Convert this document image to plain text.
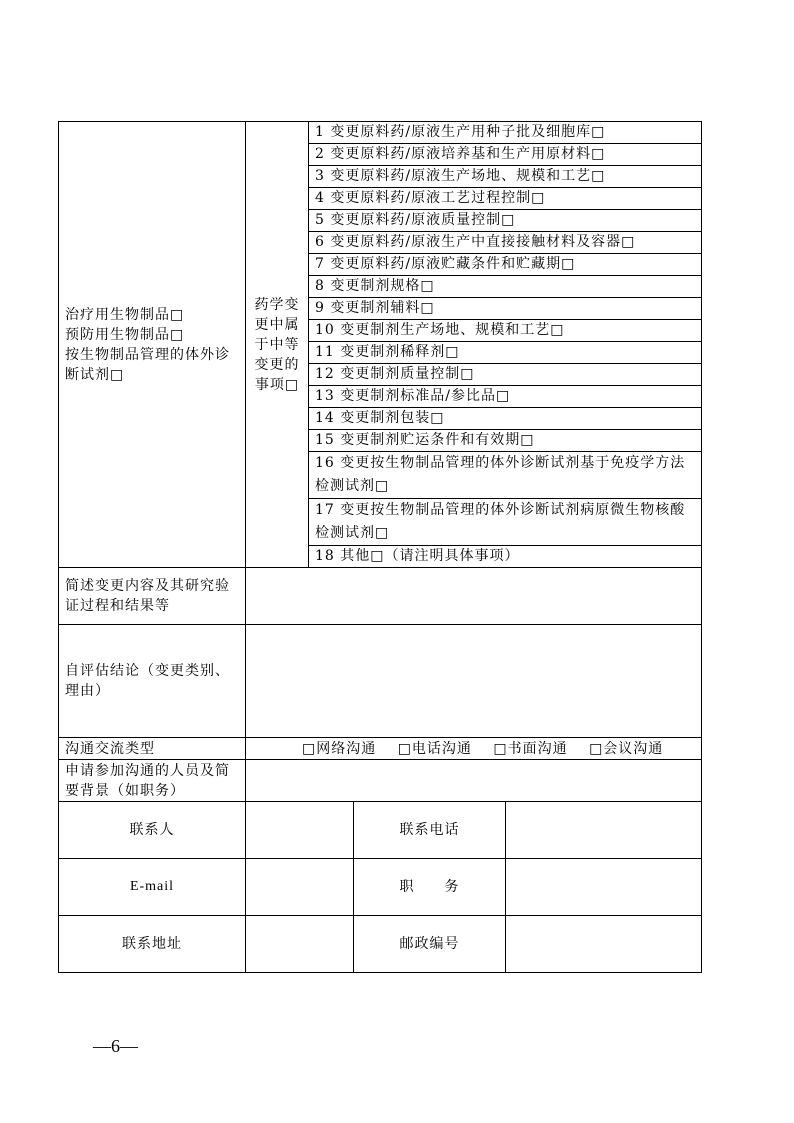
治疗用生物制品□
预防用生物制品□
按生物制品管理的体外诊断试剂□	药学变更中属于中等变更的事项□	1 变更原料药/原液生产用种子批及细胞库□		
		2 变更原料药/原液培养基和生产用原材料□		
		3 变更原料药/原液生产场地、规模和工艺□		
		4 变更原料药/原液工艺过程控制□		
		5 变更原料药/原液质量控制□		
		6 变更原料药/原液生产中直接接触材料及容器□		
		7 变更原料药/原液贮藏条件和贮藏期□		
		8 变更制剂规格□		
		9 变更制剂辅料□		
		10 变更制剂生产场地、规模和工艺□		
		11 变更制剂稀释剂□		
		12 变更制剂质量控制□		
		13 变更制剂标准品/参比品□		
		14 变更制剂包装□		
		15 变更制剂贮运条件和有效期□		
		16 变更按生物制品管理的体外诊断试剂基于免疫学方法检测试剂□		
		17 变更按生物制品管理的体外诊断试剂病原微生物核酸检测试剂□		
		18 其他□（请注明具体事项）		
简述变更内容及其研究验证过程和结果等				
自评估结论（变更类别、理由）				
沟通交流类型	□网络沟通 □电话沟通 □书面沟通 □会议沟通			
申请参加沟通的人员及简要背景（如职务）				
联系人			联系电话	
E-mail			职　　务	
联系地址			邮政编号	
—6—
